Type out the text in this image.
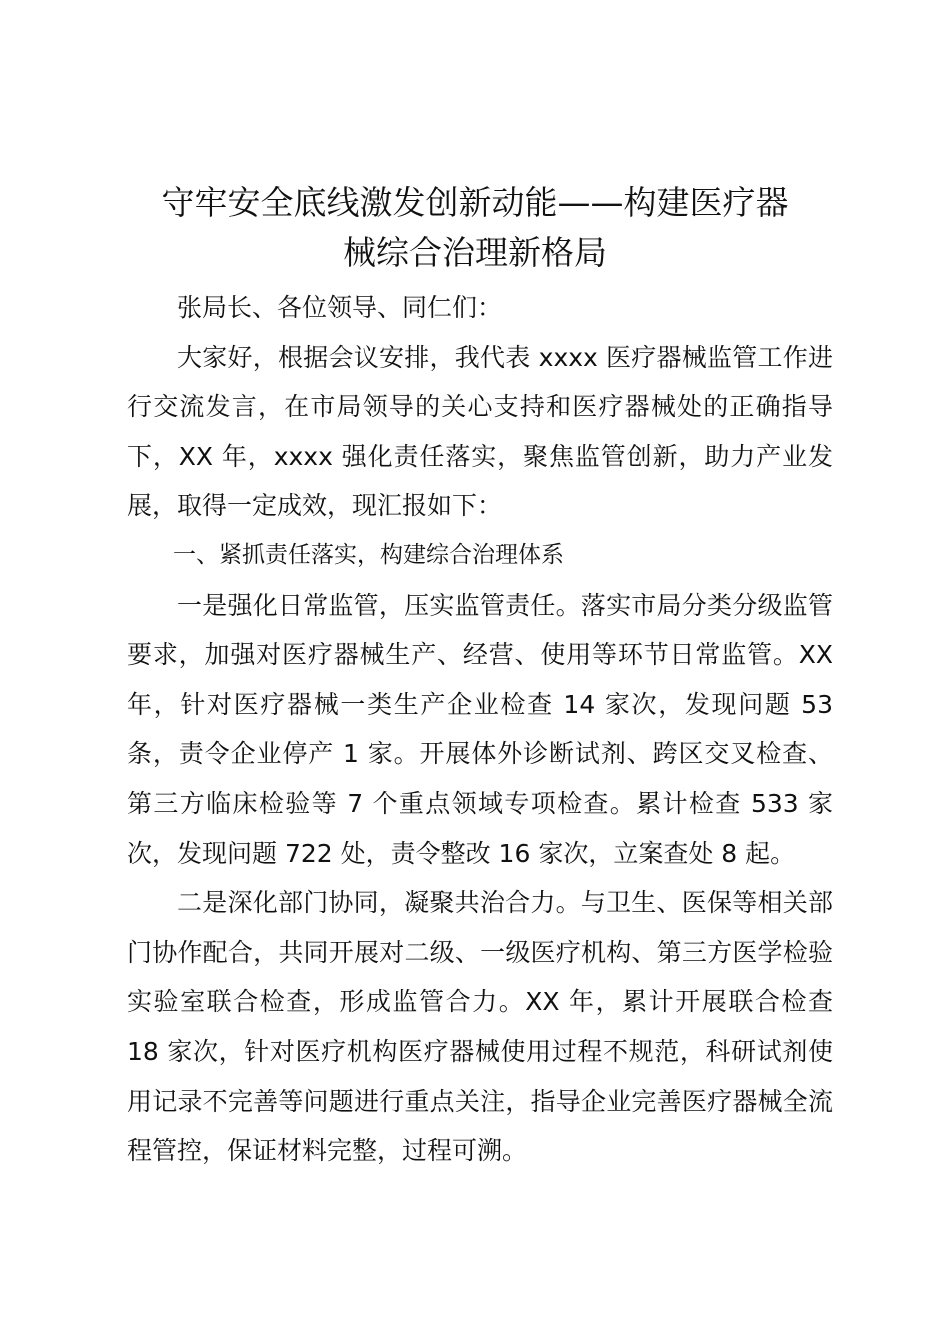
守牢安全底线激发创新动能——构建医疗器
械综合治理新格局

张局长、各位领导、同仁们：

大家好，根据会议安排，我代表 xxxx 医疗器械监管工作进行交流发言，在市局领导的关心支持和医疗器械处的正确指导下，XX 年，xxxx 强化责任落实，聚焦监管创新，助力产业发展，取得一定成效，现汇报如下：

一、紧抓责任落实，构建综合治理体系

一是强化日常监管，压实监管责任。落实市局分类分级监管要求，加强对医疗器械生产、经营、使用等环节日常监管。XX 年，针对医疗器械一类生产企业检查 14 家次，发现问题 53 条，责令企业停产 1 家。开展体外诊断试剂、跨区交叉检查、第三方临床检验等 7 个重点领域专项检查。累计检查 533 家次，发现问题 722 处，责令整改 16 家次，立案查处 8 起。

二是深化部门协同，凝聚共治合力。与卫生、医保等相关部门协作配合，共同开展对二级、一级医疗机构、第三方医学检验实验室联合检查，形成监管合力。XX 年，累计开展联合检查 18 家次，针对医疗机构医疗器械使用过程不规范，科研试剂使用记录不完善等问题进行重点关注，指导企业完善医疗器械全流程管控，保证材料完整，过程可溯。
